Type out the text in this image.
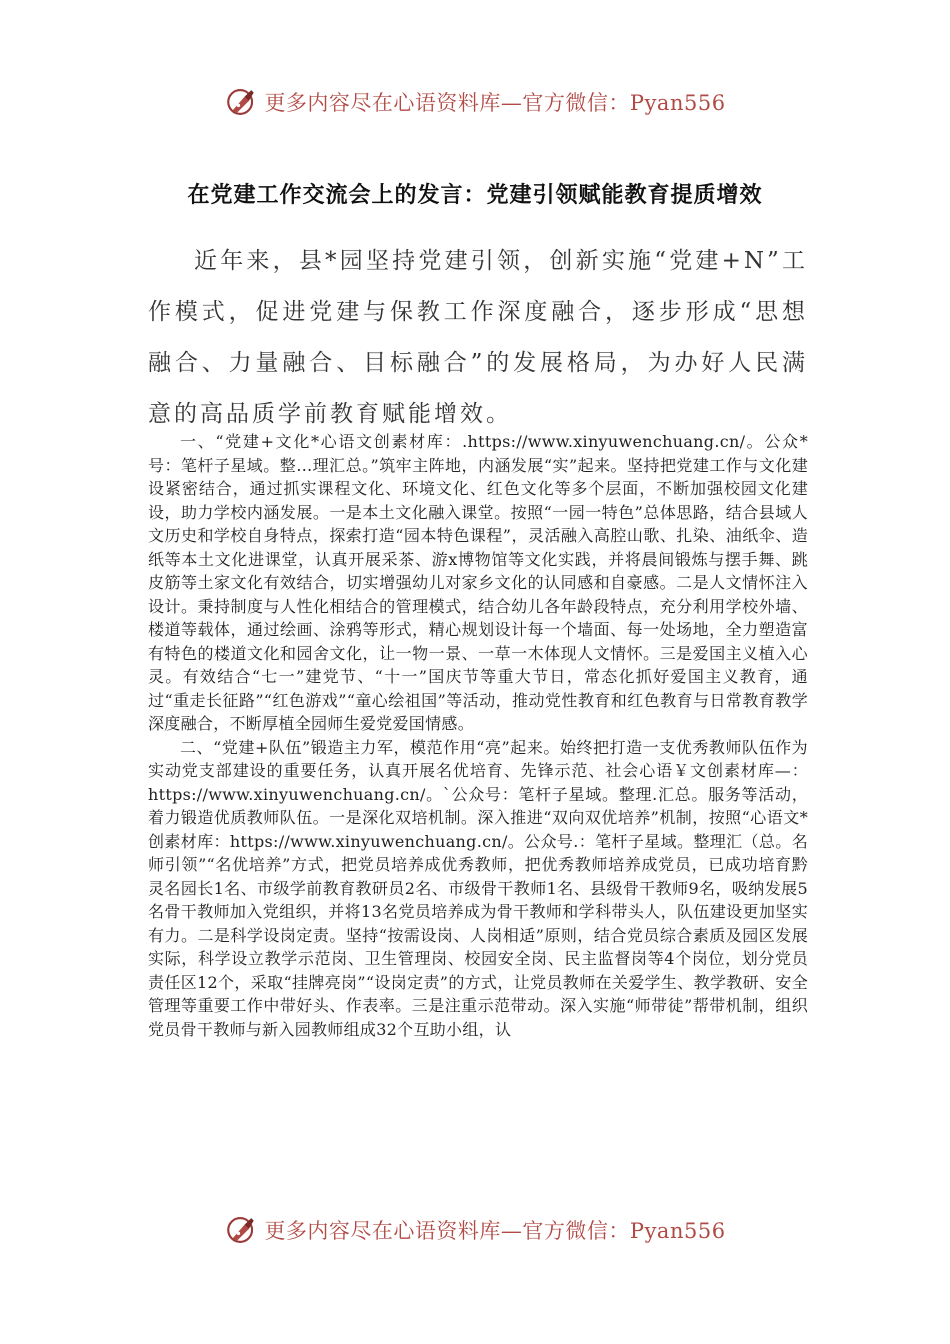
更多内容尽在心语资料库—官方微信：Pyan556
在党建工作交流会上的发言：党建引领赋能教育提质增效

近年来，县*园坚持党建引领，创新实施“党建+N”工作模式，促进党建与保教工作深度融合，逐步形成“思想融合、力量融合、目标融合”的发展格局，为办好人民满意的高品质学前教育赋能增效。

一、“党建+文化*心语文创素材库：.https://www.xinyuwenchuang.cn/。公众*号：笔杆子星域。整…理汇总。”筑牢主阵地，内涵发展“实”起来。坚持把党建工作与文化建设紧密结合，通过抓实课程文化、环境文化、红色文化等多个层面，不断加强校园文化建设，助力学校内涵发展。一是本土文化融入课堂。按照“一园一特色”总体思路，结合县域人文历史和学校自身特点，探索打造“园本特色课程”，灵活融入高腔山歌、扎染、油纸伞、造纸等本土文化进课堂，认真开展采茶、游x博物馆等文化实践，并将晨间锻炼与摆手舞、跳皮筋等土家文化有效结合，切实增强幼儿对家乡文化的认同感和自豪感。二是人文情怀注入设计。秉持制度与人性化相结合的管理模式，结合幼儿各年龄段特点，充分利用学校外墙、楼道等载体，通过绘画、涂鸦等形式，精心规划设计每一个墙面、每一处场地，全力塑造富有特色的楼道文化和园舍文化，让一物一景、一草一木体现人文情怀。三是爱国主义植入心灵。有效结合“七一”建党节、“十一”国庆节等重大节日，常态化抓好爱国主义教育，通过“重走长征路”“红色游戏”“童心绘祖国”等活动，推动党性教育和红色教育与日常教育教学深度融合，不断厚植全园师生爱党爱国情感。

二、“党建+队伍”锻造主力军，模范作用“亮”起来。始终把打造一支优秀教师队伍作为实动党支部建设的重要任务，认真开展名优培育、先锋示范、社会心语￥文创素材库—：https://www.xinyuwenchuang.cn/。`公众号：笔杆子星域。整理.汇总。服务等活动，着力锻造优质教师队伍。一是深化双培机制。深入推进“双向双优培养”机制，按照“心语文*创素材库：https://www.xinyuwenchuang.cn/。公众号.：笔杆子星域。整理汇（总。名师引领”“名优培养”方式，把党员培养成优秀教师，把优秀教师培养成党员，已成功培育黔灵名园长1名、市级学前教育教研员2名、市级骨干教师1名、县级骨干教师9名，吸纳发展5名骨干教师加入党组织，并将13名党员培养成为骨干教师和学科带头人，队伍建设更加坚实有力。二是科学设岗定责。坚持“按需设岗、人岗相适”原则，结合党员综合素质及园区发展实际，科学设立教学示范岗、卫生管理岗、校园安全岗、民主监督岗等4个岗位，划分党员责任区12个，采取“挂牌亮岗”“设岗定责”的方式，让党员教师在关爱学生、教学教研、安全管理等重要工作中带好头、作表率。三是注重示范带动。深入实施“师带徒”帮带机制，组织党员骨干教师与新入园教师组成32个互助小组，认

更多内容尽在心语资料库—官方微信：Pyan556
